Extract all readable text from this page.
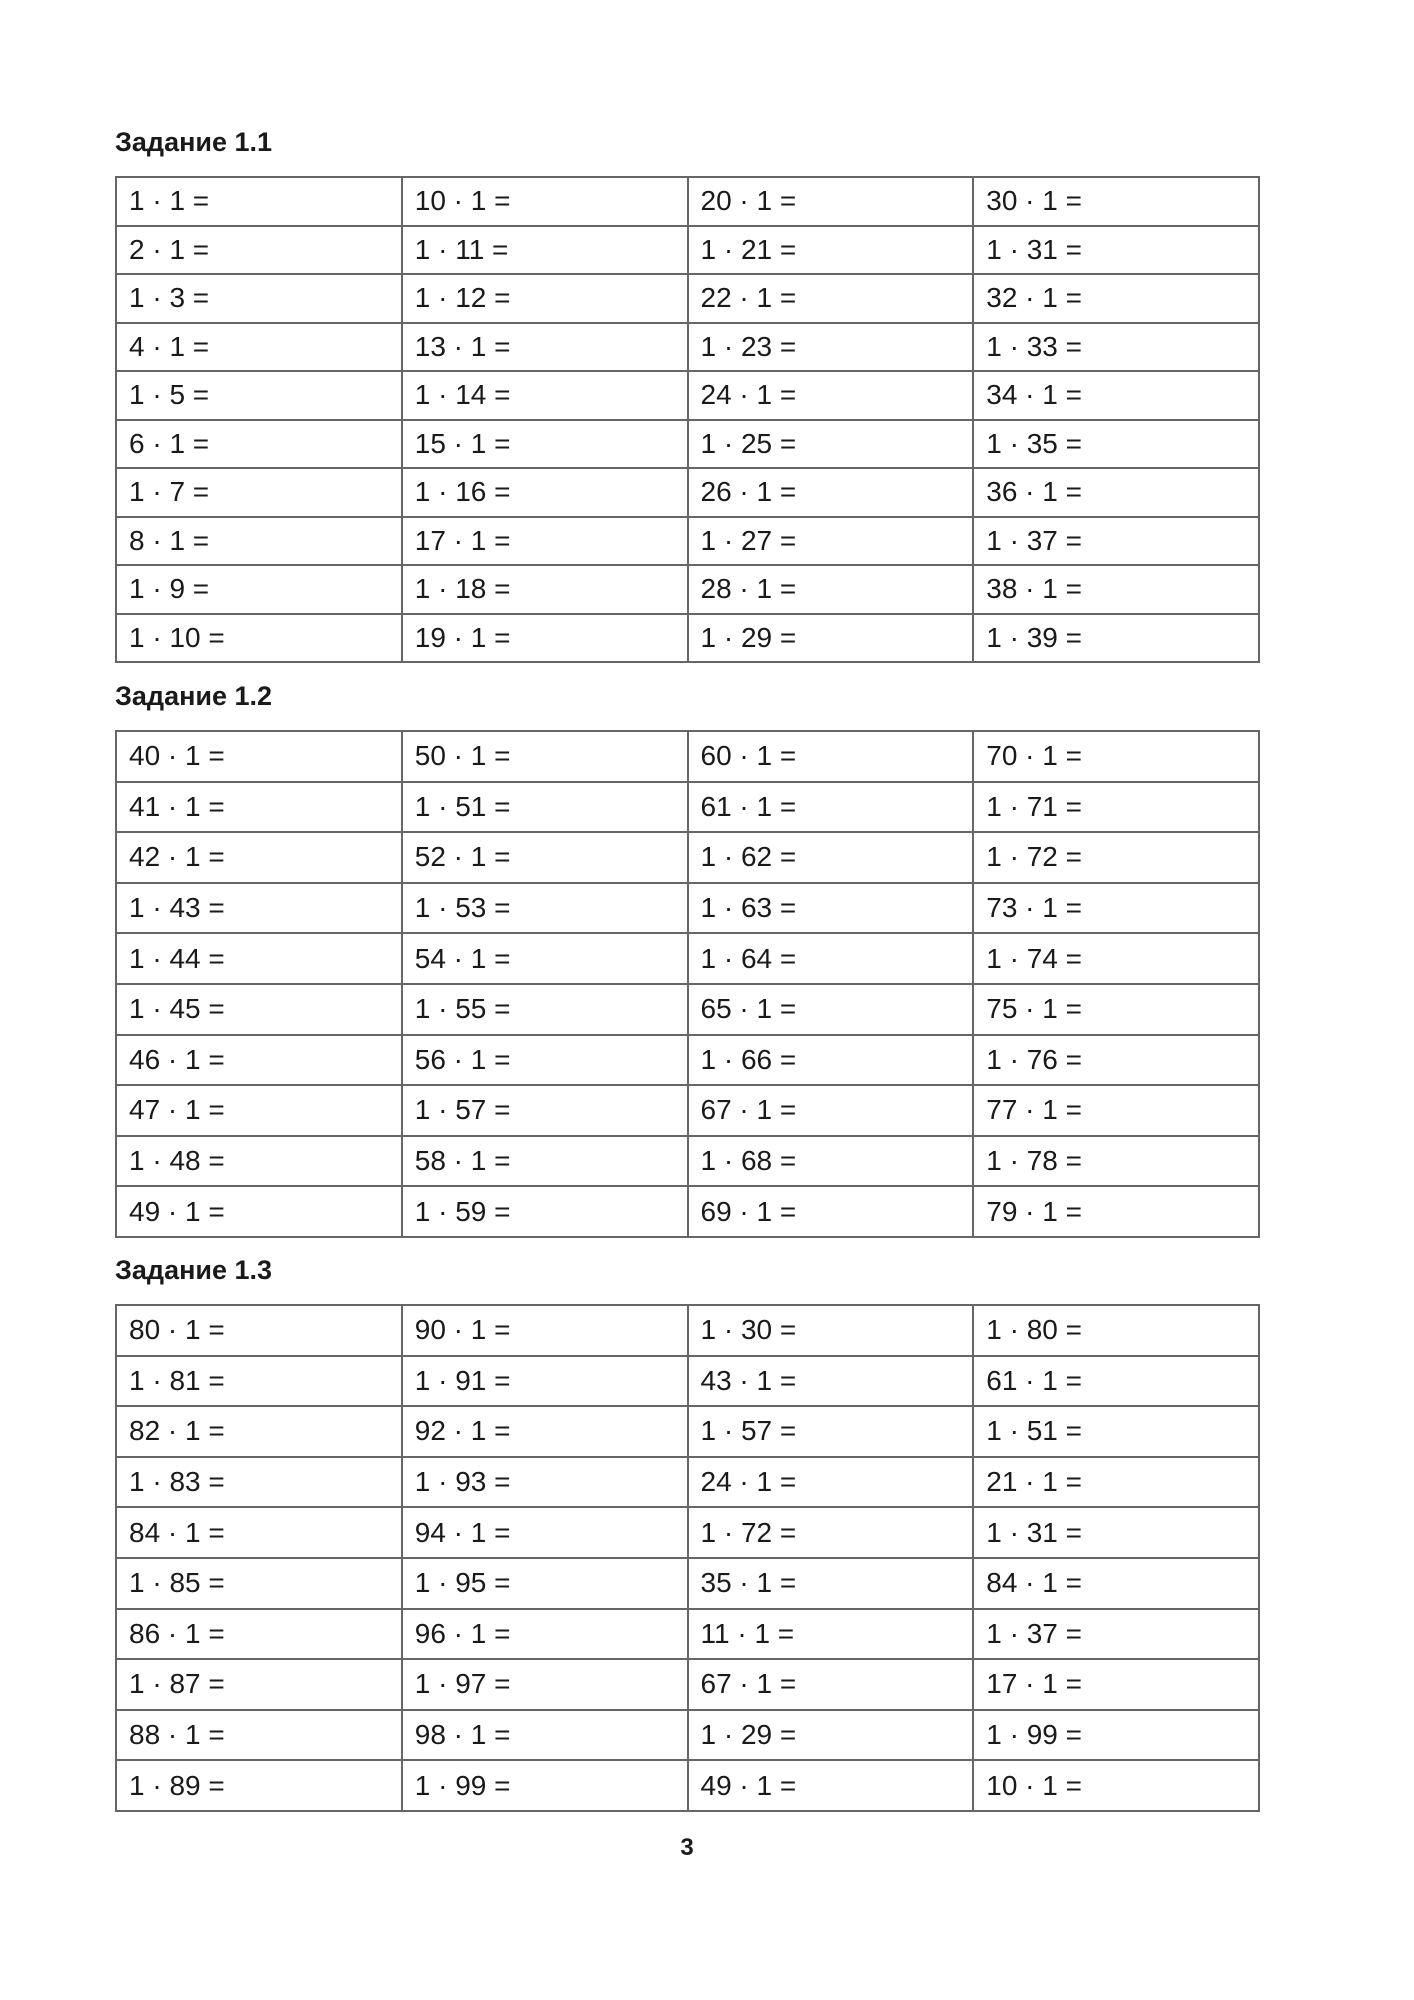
Задание 1.1
1 · 1 =	10 · 1 =	20 · 1 =	30 · 1 =
2 · 1 =	1 · 11 =	1 · 21 =	1 · 31 =
1 · 3 =	1 · 12 =	22 · 1 =	32 · 1 =
4 · 1 =	13 · 1 =	1 · 23 =	1 · 33 =
1 · 5 =	1 · 14 =	24 · 1 =	34 · 1 =
6 · 1 =	15 · 1 =	1 · 25 =	1 · 35 =
1 · 7 =	1 · 16 =	26 · 1 =	36 · 1 =
8 · 1 =	17 · 1 =	1 · 27 =	1 · 37 =
1 · 9 =	1 · 18 =	28 · 1 =	38 · 1 =
1 · 10 =	19 · 1 =	1 · 29 =	1 · 39 =
Задание 1.2
40 · 1 =	50 · 1 =	60 · 1 =	70 · 1 =
41 · 1 =	1 · 51 =	61 · 1 =	1 · 71 =
42 · 1 =	52 · 1 =	1 · 62 =	1 · 72 =
1 · 43 =	1 · 53 =	1 · 63 =	73 · 1 =
1 · 44 =	54 · 1 =	1 · 64 =	1 · 74 =
1 · 45 =	1 · 55 =	65 · 1 =	75 · 1 =
46 · 1 =	56 · 1 =	1 · 66 =	1 · 76 =
47 · 1 =	1 · 57 =	67 · 1 =	77 · 1 =
1 · 48 =	58 · 1 =	1 · 68 =	1 · 78 =
49 · 1 =	1 · 59 =	69 · 1 =	79 · 1 =
Задание 1.3
80 · 1 =	90 · 1 =	1 · 30 =	1 · 80 =
1 · 81 =	1 · 91 =	43 · 1 =	61 · 1 =
82 · 1 =	92 · 1 =	1 · 57 =	1 · 51 =
1 · 83 =	1 · 93 =	24 · 1 =	21 · 1 =
84 · 1 =	94 · 1 =	1 · 72 =	1 · 31 =
1 · 85 =	1 · 95 =	35 · 1 =	84 · 1 =
86 · 1 =	96 · 1 =	11 · 1 =	1 · 37 =
1 · 87 =	1 · 97 =	67 · 1 =	17 · 1 =
88 · 1 =	98 · 1 =	1 · 29 =	1 · 99 =
1 · 89 =	1 · 99 =	49 · 1 =	10 · 1 =
3
